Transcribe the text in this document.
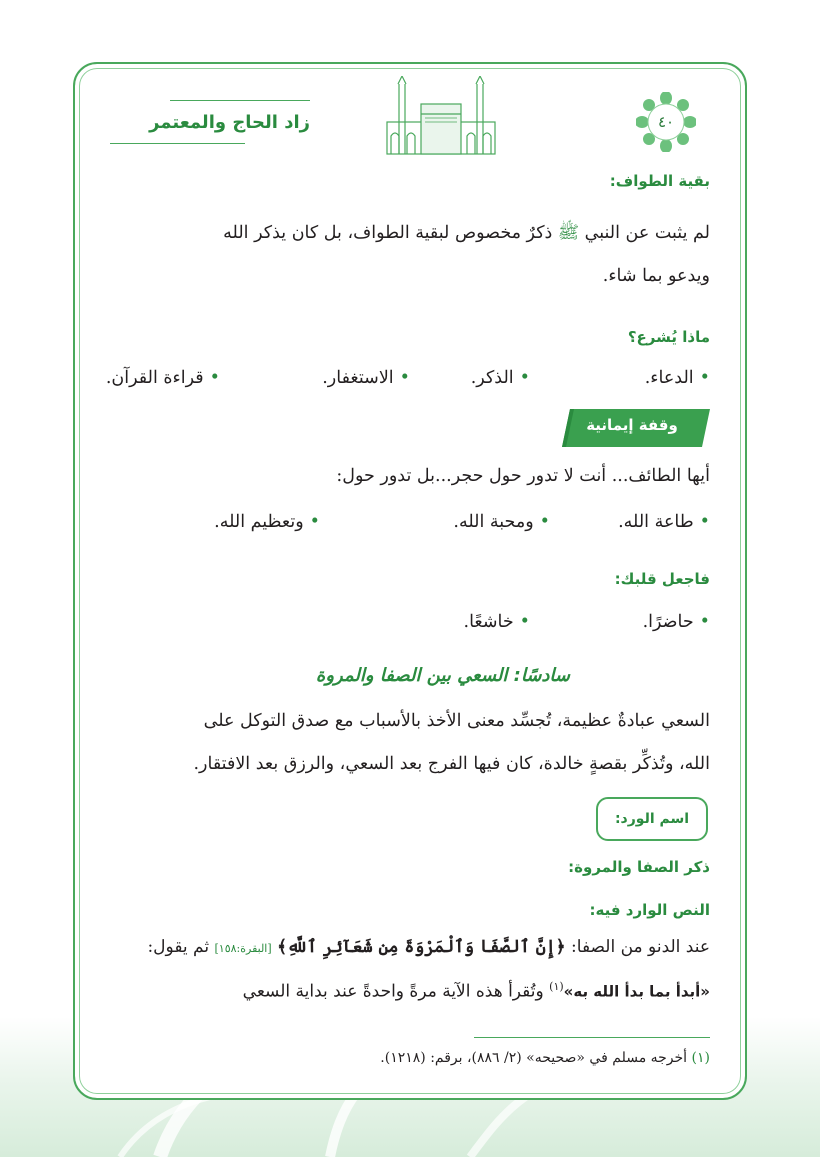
٤٠
زاد الحاج والمعتمر
بقية الطواف:
لم يثبت عن النبي ﷺ ذكرٌ مخصوص لبقية الطواف، بل كان يذكر الله
ويدعو بما شاء.
ماذا يُشرع؟
•الدعاء.
•الذكر.
•الاستغفار.
•قراءة القرآن.
وقفة إيمانية
أيها الطائف... أنت لا تدور حول حجر...بل تدور حول:
•طاعة الله.
•ومحبة الله.
•وتعظيم الله.
فاجعل قلبك:
•حاضرًا.
•خاشعًا.
سادسًا: السعي بين الصفا والمروة
السعي عبادةٌ عظيمة، تُجسِّد معنى الأخذ بالأسباب مع صدق التوكل على
الله، وتُذكِّر بقصةٍ خالدة، كان فيها الفرج بعد السعي، والرزق بعد الافتقار.
اسم الورد:
ذكر الصفا والمروة:
النص الوارد فيه:
عند الدنو من الصفا: ﴿إِنَّ ٱلصَّفَا وَٱلْمَرْوَةَ مِن شَعَآئِرِ ٱللَّهِ﴾ [البقرة:١٥٨] ثم يقول:
«أبدأ بما بدأ الله به»$^{(١)}$ وتُقرأ هذه الآية مرةً واحدةً عند بداية السعي
(١) أخرجه مسلم في «صحيحه» (٢/ ٨٨٦)، برقم: (١٢١٨).
